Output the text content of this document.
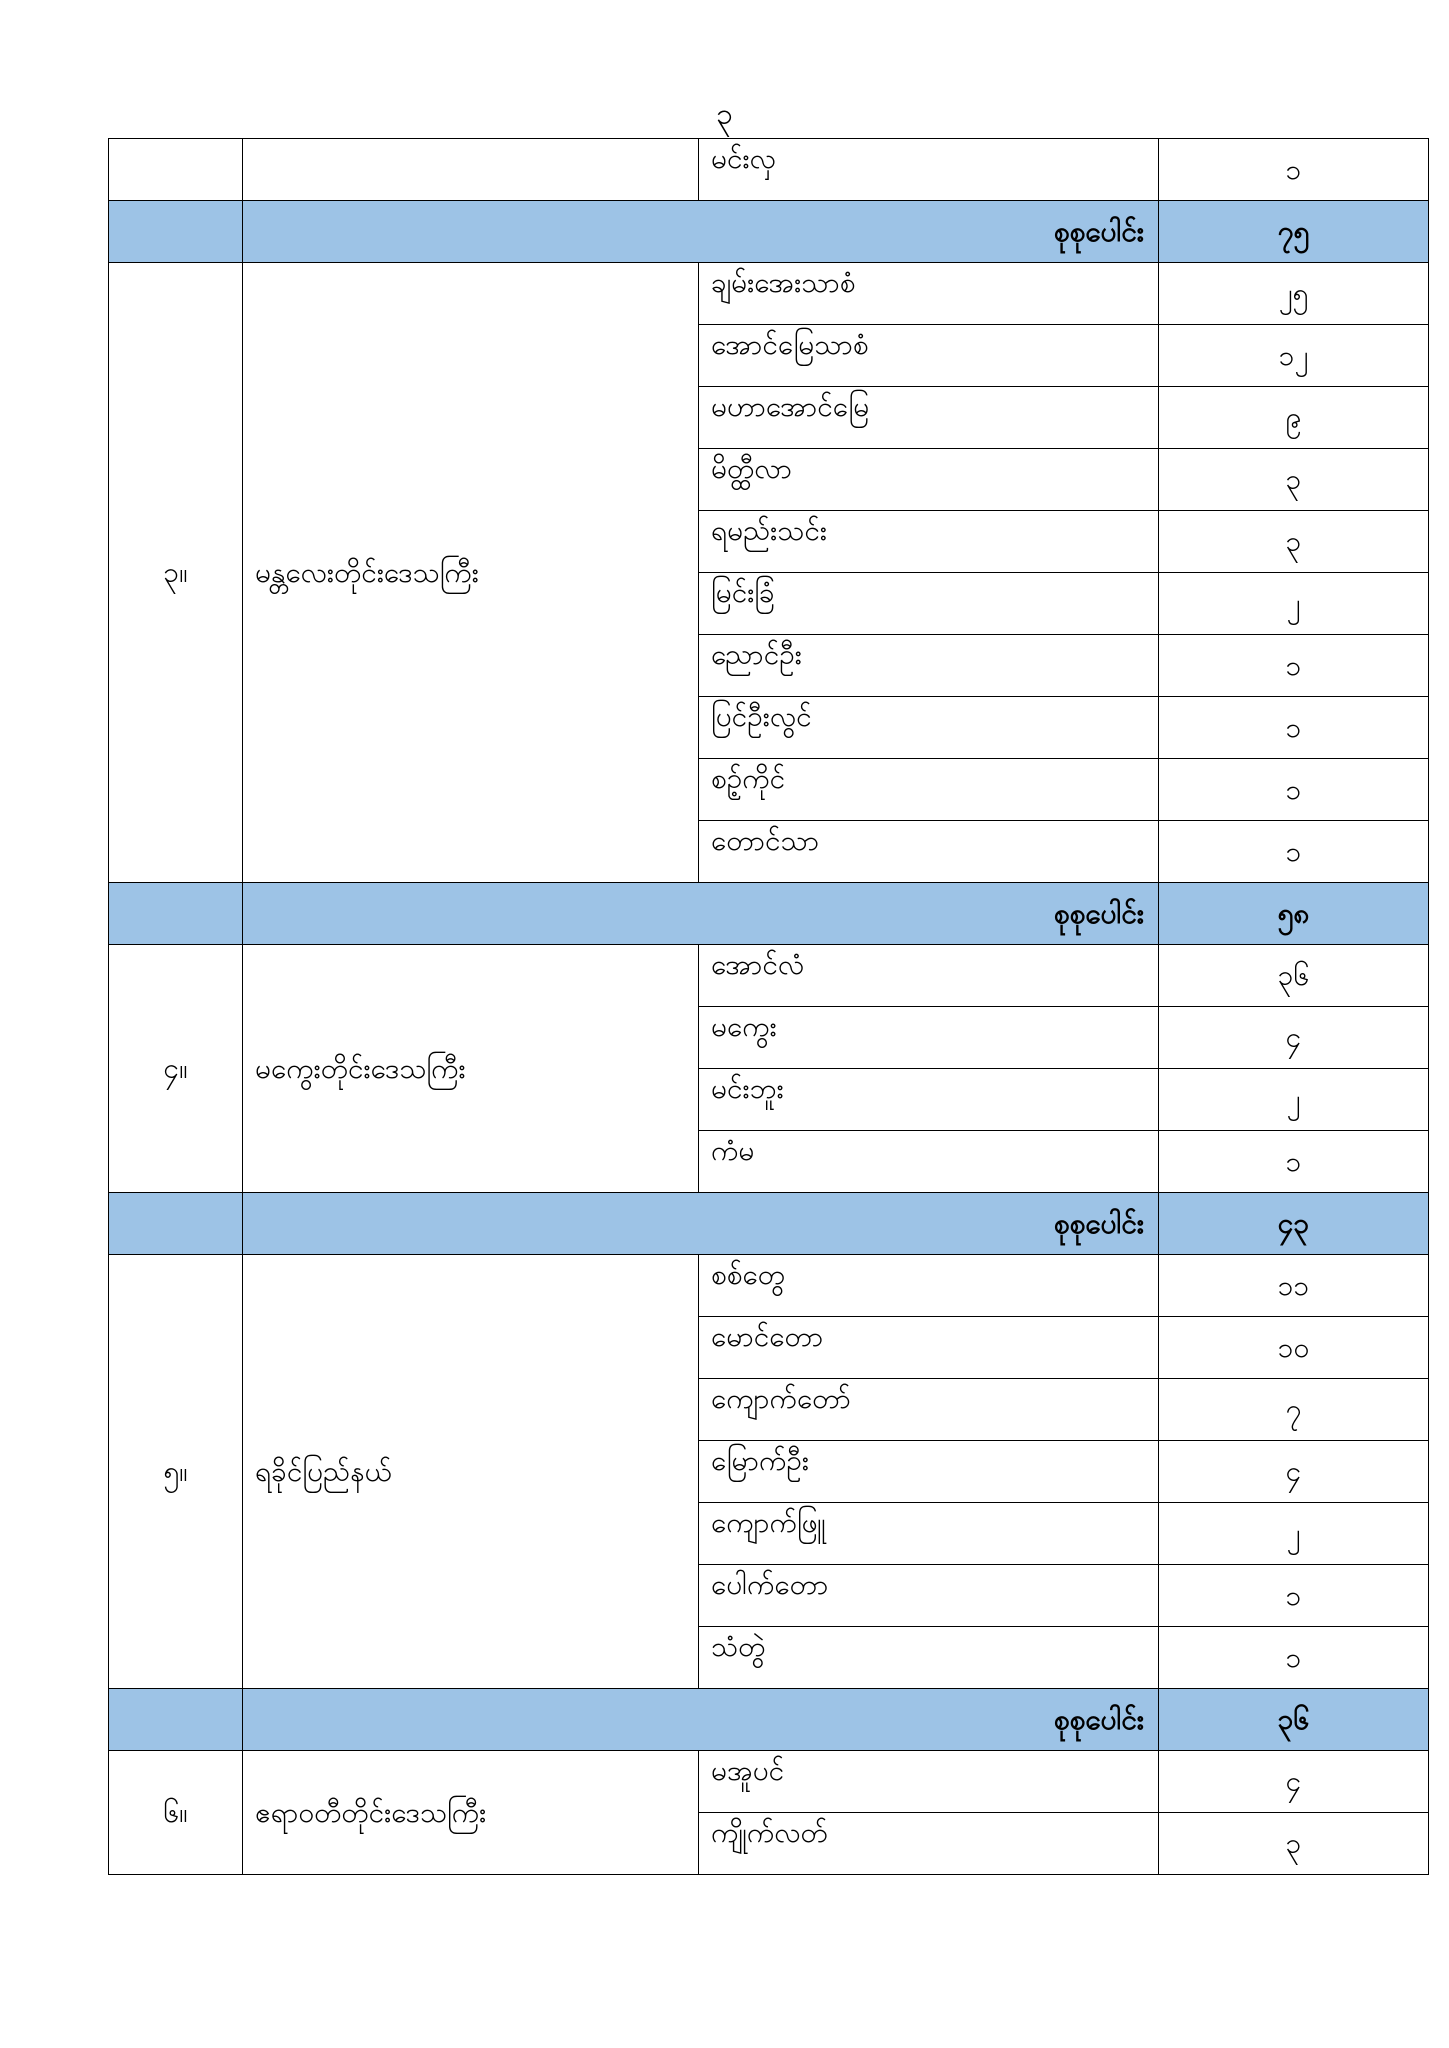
၃
		မင်းလှ	၁
	စုစုပေါင်း		၇၅
၃။	မန္တလေးတိုင်းဒေသကြီး	ချမ်းအေးသာစံ	၂၅
		အောင်မြေသာစံ	၁၂
		မဟာအောင်မြေ	၉
		မိတ္ထီလာ	၃
		ရမည်းသင်း	၃
		မြင်းခြံ	၂
		ညောင်ဦး	၁
		ပြင်ဦးလွင်	၁
		စဉ့်ကိုင်	၁
		တောင်သာ	၁
	စုစုပေါင်း		၅၈
၄။	မကွေးတိုင်းဒေသကြီး	အောင်လံ	၃၆
		မကွေး	၄
		မင်းဘူး	၂
		ကံမ	၁
	စုစုပေါင်း		၄၃
၅။	ရခိုင်ပြည်နယ်	စစ်တွေ	၁၁
		မောင်တော	၁၀
		ကျောက်တော်	၇
		မြောက်ဦး	၄
		ကျောက်ဖြူ	၂
		ပေါက်တော	၁
		သံတွဲ	၁
	စုစုပေါင်း		၃၆
၆။	ဧရာဝတီတိုင်းဒေသကြီး	မအူပင်	၄
		ကျိုက်လတ်	၃
